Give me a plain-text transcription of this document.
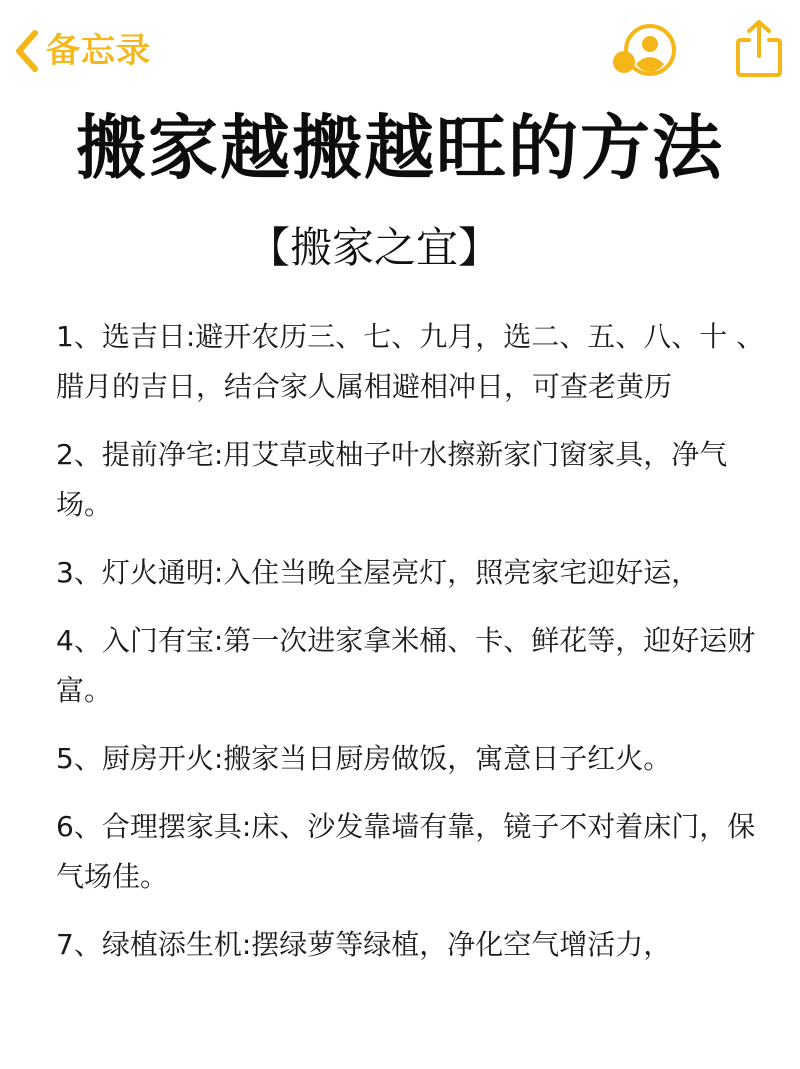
备忘录
搬家越搬越旺的方法
【搬家之宜】

1、选吉日:避开农历三、七、九月，选二、五、八、十 、腊月的吉日，结合家人属相避相冲日，可查老黄历

2、提前净宅:用艾草或柚子叶水擦新家门窗家具，净气场。

3、灯火通明:入住当晚全屋亮灯，照亮家宅迎好运，

4、入门有宝:第一次进家拿米桶、卡、鲜花等，迎好运财富。

5、厨房开火:搬家当日厨房做饭，寓意日子红火。

6、合理摆家具:床、沙发靠墙有靠，镜子不对着床门，保气场佳。

7、绿植添生机:摆绿萝等绿植，净化空气增活力，
